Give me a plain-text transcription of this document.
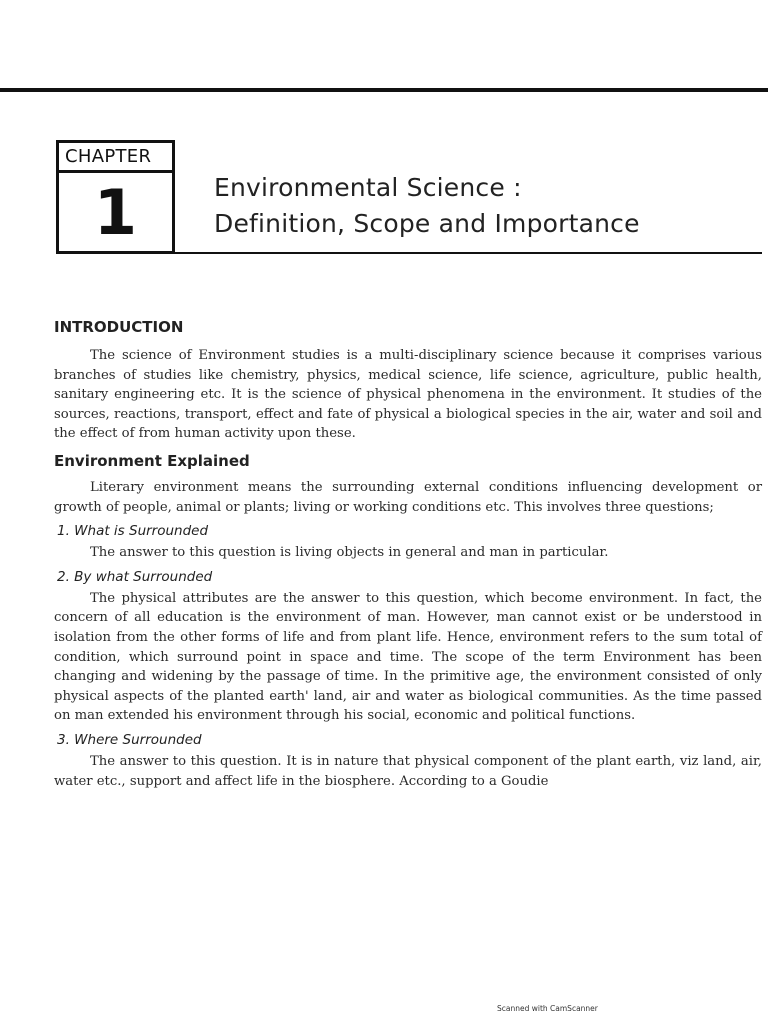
CHAPTER
1	Environmental Science :
Definition, Scope and Importance
INTRODUCTION

The science of Environment studies is a multi-disciplinary science because it comprises various branches of studies like chemistry, physics, medical science, life science, agriculture, public health, sanitary engineering etc. It is the science of physical phenomena in the environment. It studies of the sources, reactions, transport, effect and fate of physical a biological species in the air, water and soil and the effect of from human activity upon these.

Environment Explained

Literary environment means the surrounding external conditions influencing development or growth of people, animal or plants; living or working conditions etc. This involves three questions;

1. What is Surrounded

The answer to this question is living objects in general and man in particular.

2. By what Surrounded

The physical attributes are the answer to this question, which become environment. In fact, the concern of all education is the environment of man. However, man cannot exist or be understood in isolation from the other forms of life and from plant life. Hence, environment refers to the sum total of condition, which surround point in space and time. The scope of the term Environment has been changing and widening by the passage of time. In the primitive age, the environment consisted of only physical aspects of the planted earth' land, air and water as biological communities. As the time passed on man extended his environment through his social, economic and political functions.

3. Where Surrounded

The answer to this question. It is in nature that physical component of the plant earth, viz land, air, water etc., support and affect life in the biosphere. According to a Goudie

Scanned with CamScanner
